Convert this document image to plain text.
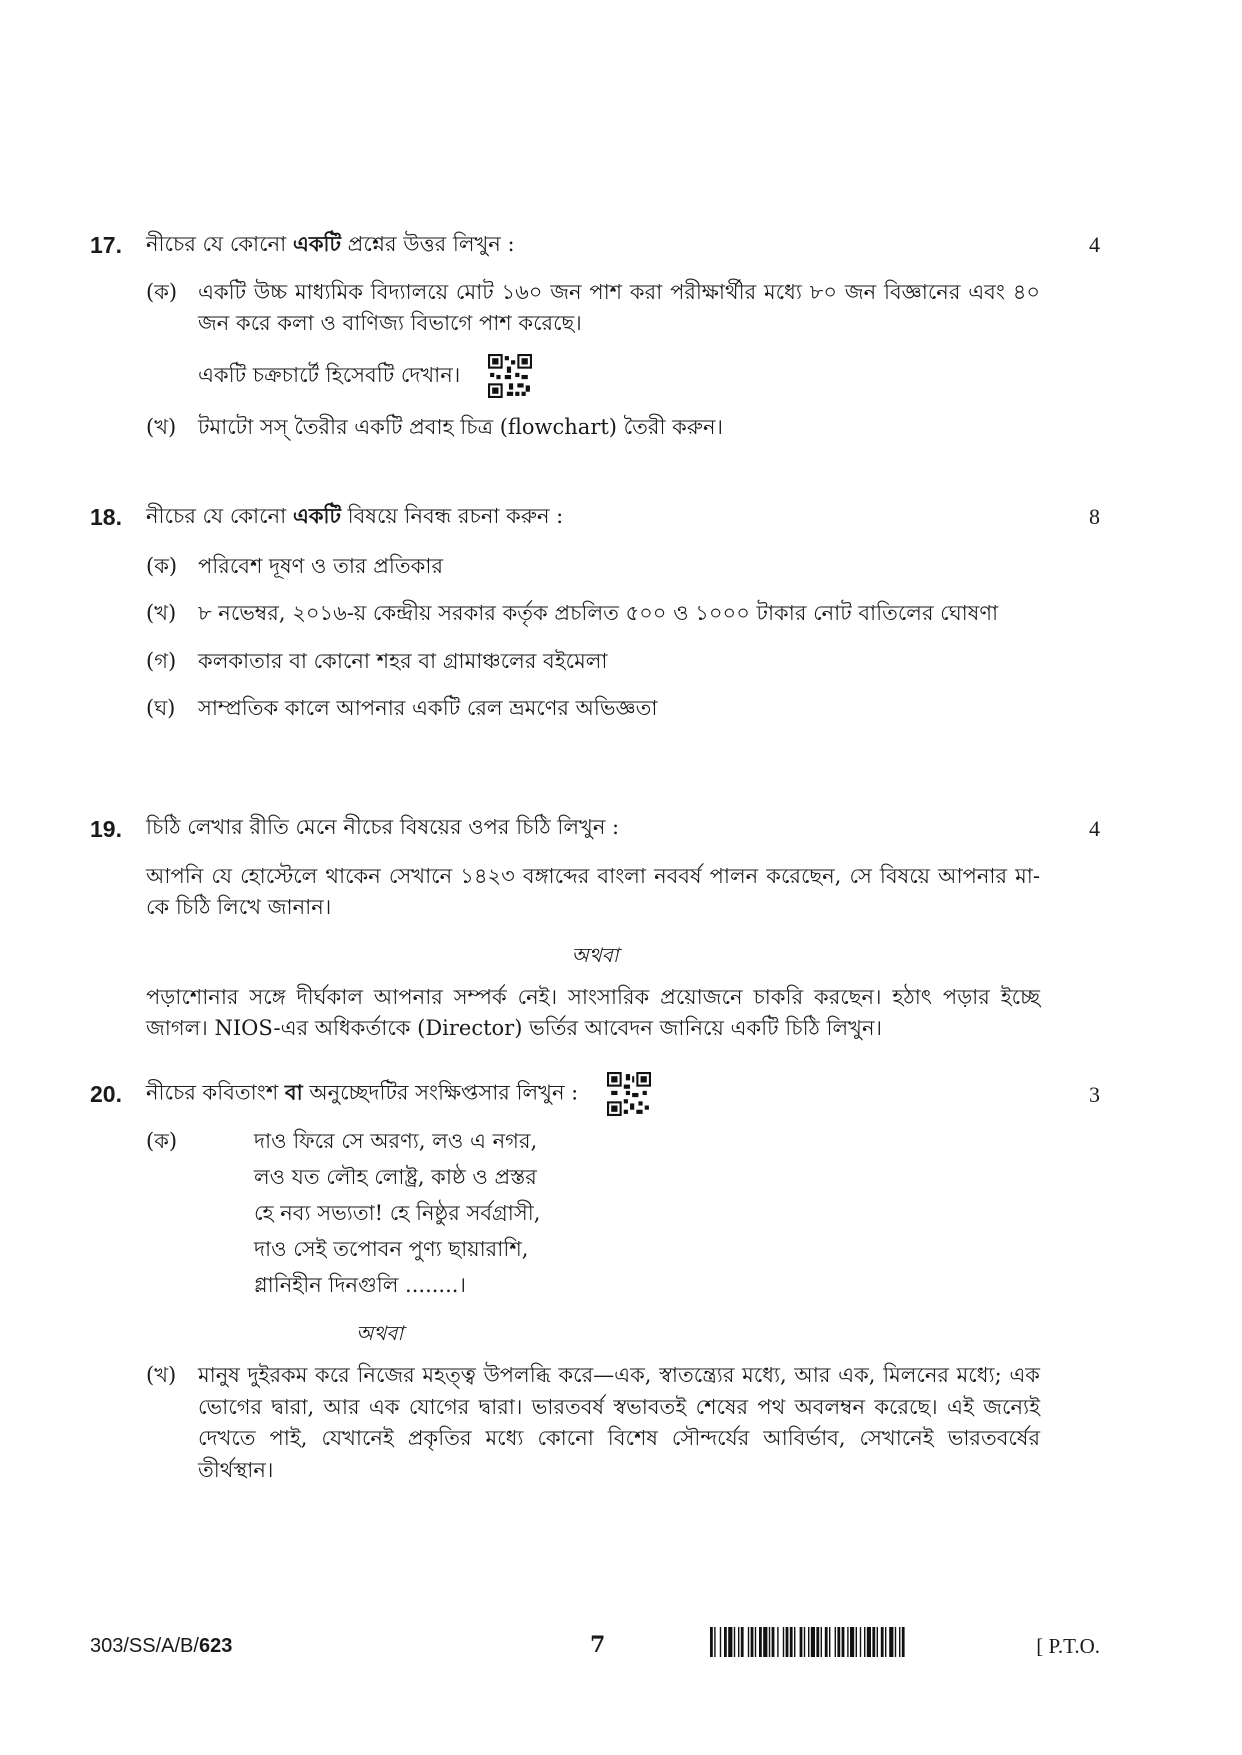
17.	নীচের যে কোনো একটি প্রশ্নের উত্তর লিখুন :	4
(ক) একটি উচ্চ মাধ্যমিক বিদ্যালয়ে মোট ১৬০ জন পাশ করা পরীক্ষার্থীর মধ্যে ৮০ জন বিজ্ঞানের এবং ৪০ জন করে কলা ও বাণিজ্য বিভাগে পাশ করেছে।
একটি চক্রচার্টে হিসেবটি দেখান।
(খ)	টমাটো সস্ তৈরীর একটি প্রবাহ চিত্র (flowchart) তৈরী করুন।
18.	নীচের যে কোনো একটি বিষয়ে নিবন্ধ রচনা করুন :	8
(ক) পরিবেশ দূষণ ও তার প্রতিকার
(খ)	৮ নভেম্বর, ২০১৬-য় কেন্দ্রীয় সরকার কর্তৃক প্রচলিত ৫০০ ও ১০০০ টাকার নোট বাতিলের ঘোষণা
(গ)	কলকাতার বা কোনো শহর বা গ্রামাঞ্চলের বইমেলা
(ঘ)	সাম্প্রতিক কালে আপনার একটি রেল ভ্রমণের অভিজ্ঞতা
19.	চিঠি লেখার রীতি মেনে নীচের বিষয়ের ওপর চিঠি লিখুন :	4
আপনি যে হোস্টেলে থাকেন সেখানে ১৪২৩ বঙ্গাব্দের বাংলা নববর্ষ পালন করেছেন, সে বিষয়ে আপনার মা-কে চিঠি লিখে জানান।
অথবা
পড়াশোনার সঙ্গে দীর্ঘকাল আপনার সম্পর্ক নেই। সাংসারিক প্রয়োজনে চাকরি করছেন। হঠাৎ পড়ার ইচ্ছে জাগল। NIOS-এর অধিকর্তাকে (Director) ভর্তির আবেদন জানিয়ে একটি চিঠি লিখুন।
20.	নীচের কবিতাংশ বা অনুচ্ছেদটির সংক্ষিপ্তসার লিখুন :	3
(ক)	দাও ফিরে সে অরণ্য, লও এ নগর,
লও যত লৌহ লোষ্ট্র, কাষ্ঠ ও প্রস্তর
হে নব্য সভ্যতা! হে নিষ্ঠুর সর্বগ্রাসী,
দাও সেই তপোবন পুণ্য ছায়ারাশি,
গ্লানিহীন দিনগুলি ........।
অথবা
(খ)	মানুষ দুইরকম করে নিজের মহত্ত্ব উপলব্ধি করে—এক, স্বাতন্ত্র্যের মধ্যে, আর এক, মিলনের মধ্যে; এক ভোগের দ্বারা, আর এক যোগের দ্বারা। ভারতবর্ষ স্বভাবতই শেষের পথ অবলম্বন করেছে। এই জন্যেই দেখতে পাই, যেখানেই প্রকৃতির মধ্যে কোনো বিশেষ সৌন্দর্যের আবির্ভাব, সেখানেই ভারতবর্ষের তীর্থস্থান।
303/SS/A/B/623	7	[ P.T.O.
